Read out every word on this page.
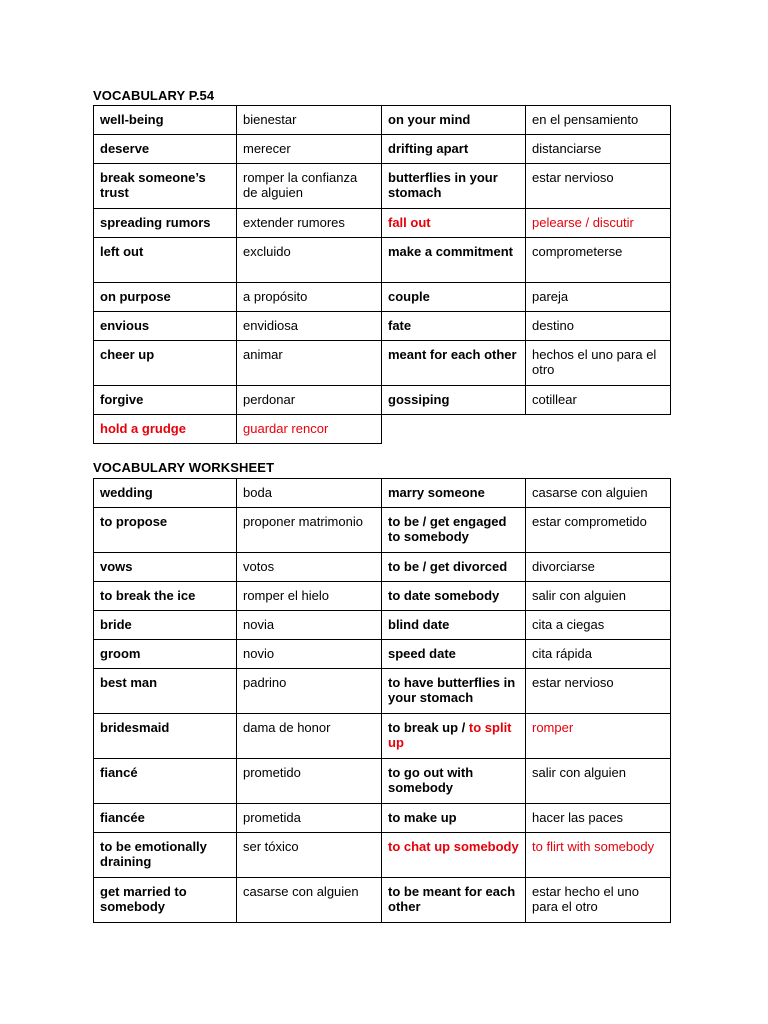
VOCABULARY P.54
well-being	bienestar	on your mind	en el pensamiento
deserve	merecer	drifting apart	distanciarse
break someone’s trust	romper la confianza de alguien	butterflies in your stomach	estar nervioso
spreading rumors	extender rumores	fall out	pelearse / discutir
left out	excluido	make a commitment	comprometerse
on purpose	a propósito	couple	pareja
envious	envidiosa	fate	destino
cheer up	animar	meant for each other	hechos el uno para el otro
forgive	perdonar	gossiping	cotillear
hold a grudge	guardar rencor		
VOCABULARY WORKSHEET
wedding	boda	marry someone	casarse con alguien
to propose	proponer matrimonio	to be / get engaged to somebody	estar comprometido
vows	votos	to be / get divorced	divorciarse
to break the ice	romper el hielo	to date somebody	salir con alguien
bride	novia	blind date	cita a ciegas
groom	novio	speed date	cita rápida
best man	padrino	to have butterflies in your stomach	estar nervioso
bridesmaid	dama de honor	to break up / to split up	romper
fiancé	prometido	to go out with somebody	salir con alguien
fiancée	prometida	to make up	hacer las paces
to be emotionally draining	ser tóxico	to chat up somebody	to flirt with somebody
get married to somebody	casarse con alguien	to be meant for each other	estar hecho el uno para el otro
